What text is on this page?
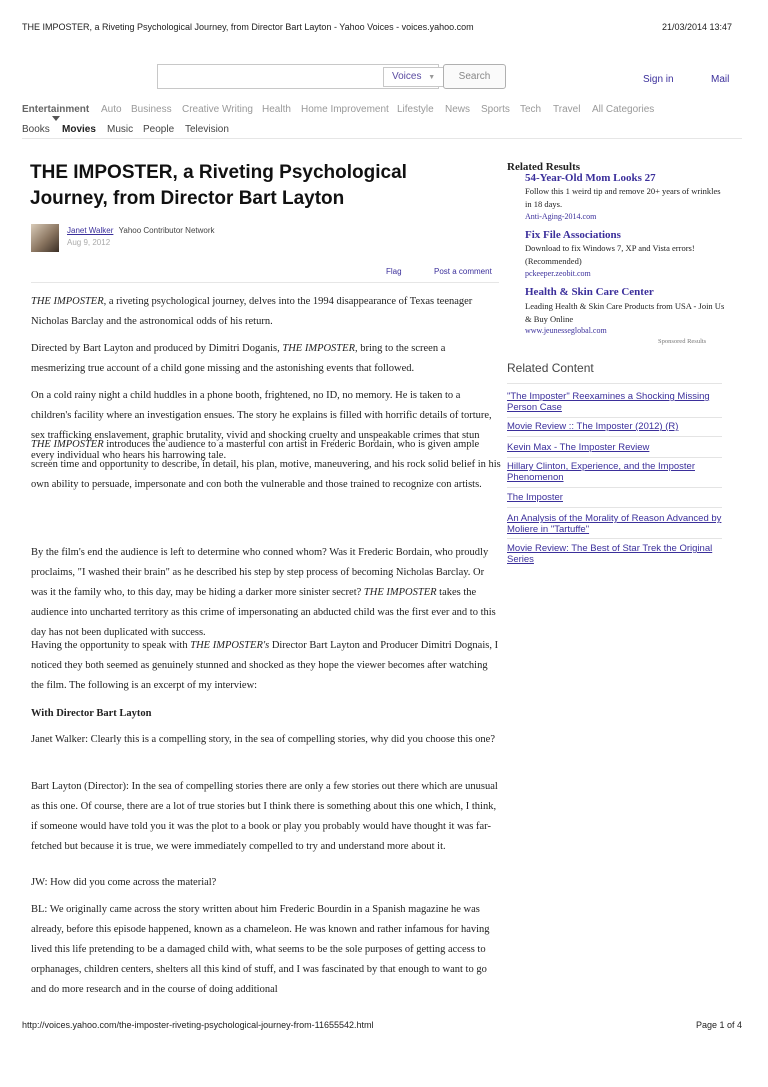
THE IMPOSTER, a Riveting Psychological Journey, from Director Bart Layton - Yahoo Voices - voices.yahoo.com	21/03/2014 13:47
Voices ▼	Search	Sign in	Mail
Entertainment Auto Business Creative Writing Health Home Improvement Lifestyle News Sports Tech Travel All Categories
Books Movies Music People Television
THE IMPOSTER, a Riveting Psychological
Journey, from Director Bart Layton
Janet Walker Yahoo Contributor Network
Aug 9, 2012
Flag	Post a comment
THE IMPOSTER, a riveting psychological journey, delves into the 1994 disappearance of Texas teenager Nicholas Barclay and the astronomical odds of his return.
Directed by Bart Layton and produced by Dimitri Doganis, THE IMPOSTER, bring to the screen a mesmerizing true account of a child gone missing and the astonishing events that followed.
On a cold rainy night a child huddles in a phone booth, frightened, no ID, no memory. He is taken to a children's facility where an investigation ensues. The story he explains is filled with horrific details of torture, sex trafficking enslavement, graphic brutality, vivid and shocking cruelty and unspeakable crimes that stun every individual who hears his harrowing tale.
THE IMPOSTER introduces the audience to a masterful con artist in Frederic Bordain, who is given ample screen time and opportunity to describe, in detail, his plan, motive, maneuvering, and his rock solid belief in his own ability to persuade, impersonate and con both the vulnerable and those trained to recognize con artists.
By the film's end the audience is left to determine who conned whom? Was it Frederic Bordain, who proudly proclaims, "I washed their brain" as he described his step by step process of becoming Nicholas Barclay. Or was it the family who, to this day, may be hiding a darker more sinister secret? THE IMPOSTER takes the audience into uncharted territory as this crime of impersonating an abducted child was the first ever and to this day has not been duplicated with success.
Having the opportunity to speak with THE IMPOSTER's Director Bart Layton and Producer Dimitri Dognais, I noticed they both seemed as genuinely stunned and shocked as they hope the viewer becomes after watching the film. The following is an excerpt of my interview:
With Director Bart Layton
Janet Walker: Clearly this is a compelling story, in the sea of compelling stories, why did you choose this one?
Bart Layton (Director): In the sea of compelling stories there are only a few stories out there which are unusual as this one. Of course, there are a lot of true stories but I think there is something about this one which, I think, if someone would have told you it was the plot to a book or play you probably would have thought it was far-fetched but because it is true, we were immediately compelled to try and understand more about it.
JW: How did you come across the material?
BL: We originally came across the story written about him Frederic Bourdin in a Spanish magazine he was already, before this episode happened, known as a chameleon. He was known and rather infamous for having lived this life pretending to be a damaged child with, what seems to be the sole purposes of getting access to orphanages, children centers, shelters all this kind of stuff, and I was fascinated by that enough to want to go and do more research and in the course of doing additional
Related Results
54-Year-Old Mom Looks 27
Follow this 1 weird tip and remove 20+ years of wrinkles in 18 days.
Anti-Aging-2014.com
Fix File Associations
Download to fix Windows 7, XP and Vista errors! (Recommended)
pckeeper.zeobit.com
Health & Skin Care Center
Leading Health & Skin Care Products from USA - Join Us & Buy Online
www.jeunesseglobal.com
Sponsored Results
Related Content
"The Imposter" Reexamines a Shocking Missing Person Case
Movie Review :: The Imposter (2012) (R)
Kevin Max - The Imposter Review
Hillary Clinton, Experience, and the Imposter Phenomenon
The Imposter
An Analysis of the Morality of Reason Advanced by Moliere in "Tartuffe"
Movie Review: The Best of Star Trek the Original Series
http://voices.yahoo.com/the-imposter-riveting-psychological-journey-from-11655542.html	Page 1 of 4
